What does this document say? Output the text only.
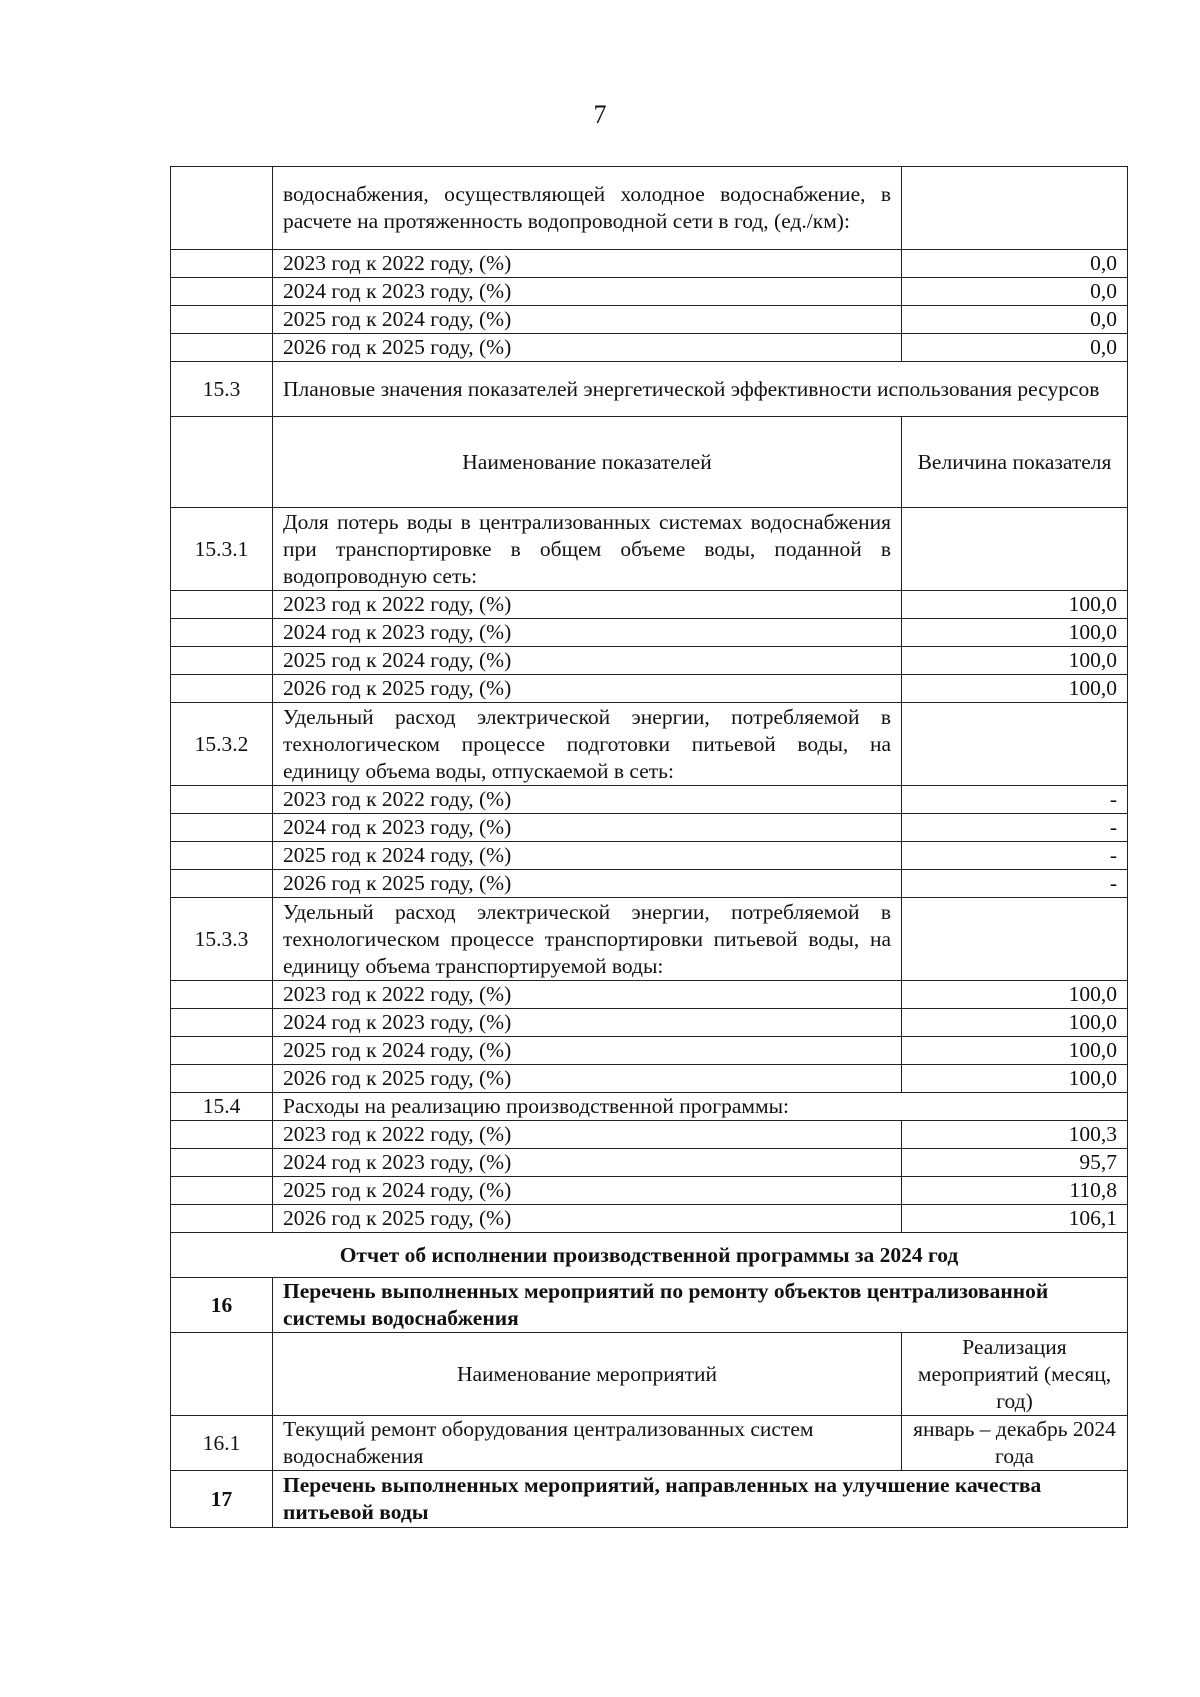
7
	водоснабжения, осуществляющей холодное водоснабжение, в расчете на протяженность водопроводной сети в год, (ед./км):	
	2023 год к 2022 году, (%)	0,0
	2024 год к 2023 году, (%)	0,0
	2025 год к 2024 году, (%)	0,0
	2026 год к 2025 году, (%)	0,0
15.3	Плановые значения показателей энергетической эффективности использования ресурсов	
	Наименование показателей	Величина показателя
15.3.1	Доля потерь воды в централизованных системах водоснабжения при транспортировке в общем объеме воды, поданной в водопроводную сеть:	
	2023 год к 2022 году, (%)	100,0
	2024 год к 2023 году, (%)	100,0
	2025 год к 2024 году, (%)	100,0
	2026 год к 2025 году, (%)	100,0
15.3.2	Удельный расход электрической энергии, потребляемой в технологическом процессе подготовки питьевой воды, на единицу объема воды, отпускаемой в сеть:	
	2023 год к 2022 году, (%)	-
	2024 год к 2023 году, (%)	-
	2025 год к 2024 году, (%)	-
	2026 год к 2025 году, (%)	-
15.3.3	Удельный расход электрической энергии, потребляемой в технологическом процессе транспортировки питьевой воды, на единицу объема транспортируемой воды:	
	2023 год к 2022 году, (%)	100,0
	2024 год к 2023 году, (%)	100,0
	2025 год к 2024 году, (%)	100,0
	2026 год к 2025 году, (%)	100,0
15.4	Расходы на реализацию производственной программы:	
	2023 год к 2022 году, (%)	100,3
	2024 год к 2023 году, (%)	95,7
	2025 год к 2024 году, (%)	110,8
	2026 год к 2025 году, (%)	106,1
Отчет об исполнении производственной программы за 2024 год		
16	Перечень выполненных мероприятий по ремонту объектов централизованной системы водоснабжения	
	Наименование мероприятий	Реализация мероприятий (месяц, год)
16.1	Текущий ремонт оборудования централизованных систем водоснабжения	январь – декабрь 2024 года
17	Перечень выполненных мероприятий, направленных на улучшение качества питьевой воды	
